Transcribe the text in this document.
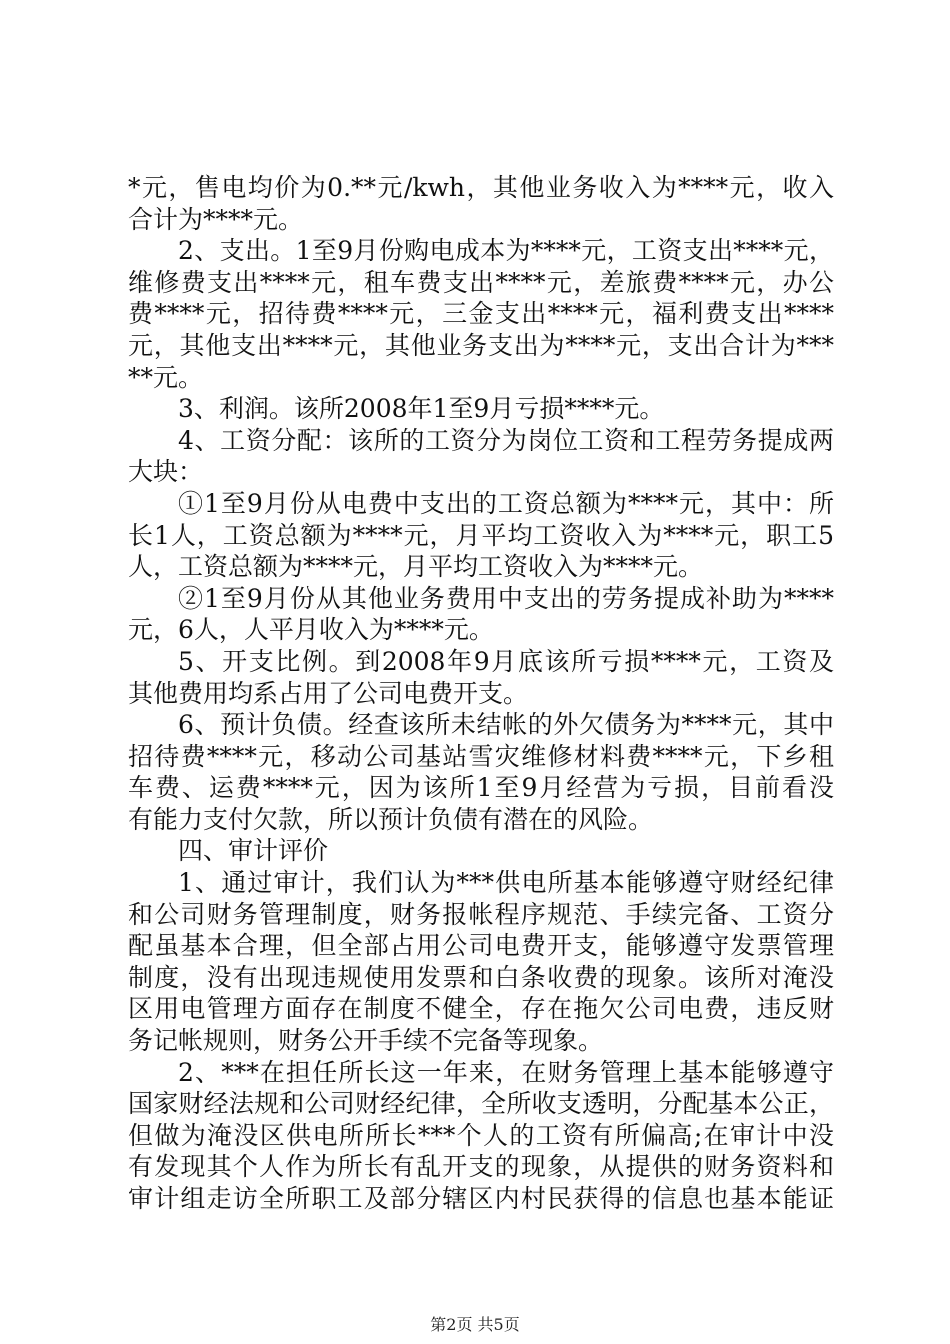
*元，售电均价为0.**元/kwh，其他业务收入为****元，收入
合计为****元。
2、支出。1至9月份购电成本为****元，工资支出****元，
维修费支出****元，租车费支出****元，差旅费****元，办公
费****元，招待费****元，三金支出****元，福利费支出****
元，其他支出****元，其他业务支出为****元，支出合计为***
**元。
3、利润。该所2008年1至9月亏损****元。
4、工资分配：该所的工资分为岗位工资和工程劳务提成两
大块：
①1至9月份从电费中支出的工资总额为****元，其中：所
长1人，工资总额为****元，月平均工资收入为****元，职工5
人，工资总额为****元，月平均工资收入为****元。
②1至9月份从其他业务费用中支出的劳务提成补助为****
元，6人，人平月收入为****元。
5、开支比例。到2008年9月底该所亏损****元，工资及
其他费用均系占用了公司电费开支。
6、预计负债。经查该所未结帐的外欠债务为****元，其中
招待费****元，移动公司基站雪灾维修材料费****元，下乡租
车费、运费****元，因为该所1至9月经营为亏损，目前看没
有能力支付欠款，所以预计负债有潜在的风险。
四、审计评价
1、通过审计，我们认为***供电所基本能够遵守财经纪律
和公司财务管理制度，财务报帐程序规范、手续完备、工资分
配虽基本合理，但全部占用公司电费开支，能够遵守发票管理
制度，没有出现违规使用发票和白条收费的现象。该所对淹没
区用电管理方面存在制度不健全，存在拖欠公司电费，违反财
务记帐规则，财务公开手续不完备等现象。
2、***在担任所长这一年来，在财务管理上基本能够遵守
国家财经法规和公司财经纪律，全所收支透明，分配基本公正，
但做为淹没区供电所所长***个人的工资有所偏高;在审计中没
有发现其个人作为所长有乱开支的现象，从提供的财务资料和
审计组走访全所职工及部分辖区内村民获得的信息也基本能证
第2页 共5页
